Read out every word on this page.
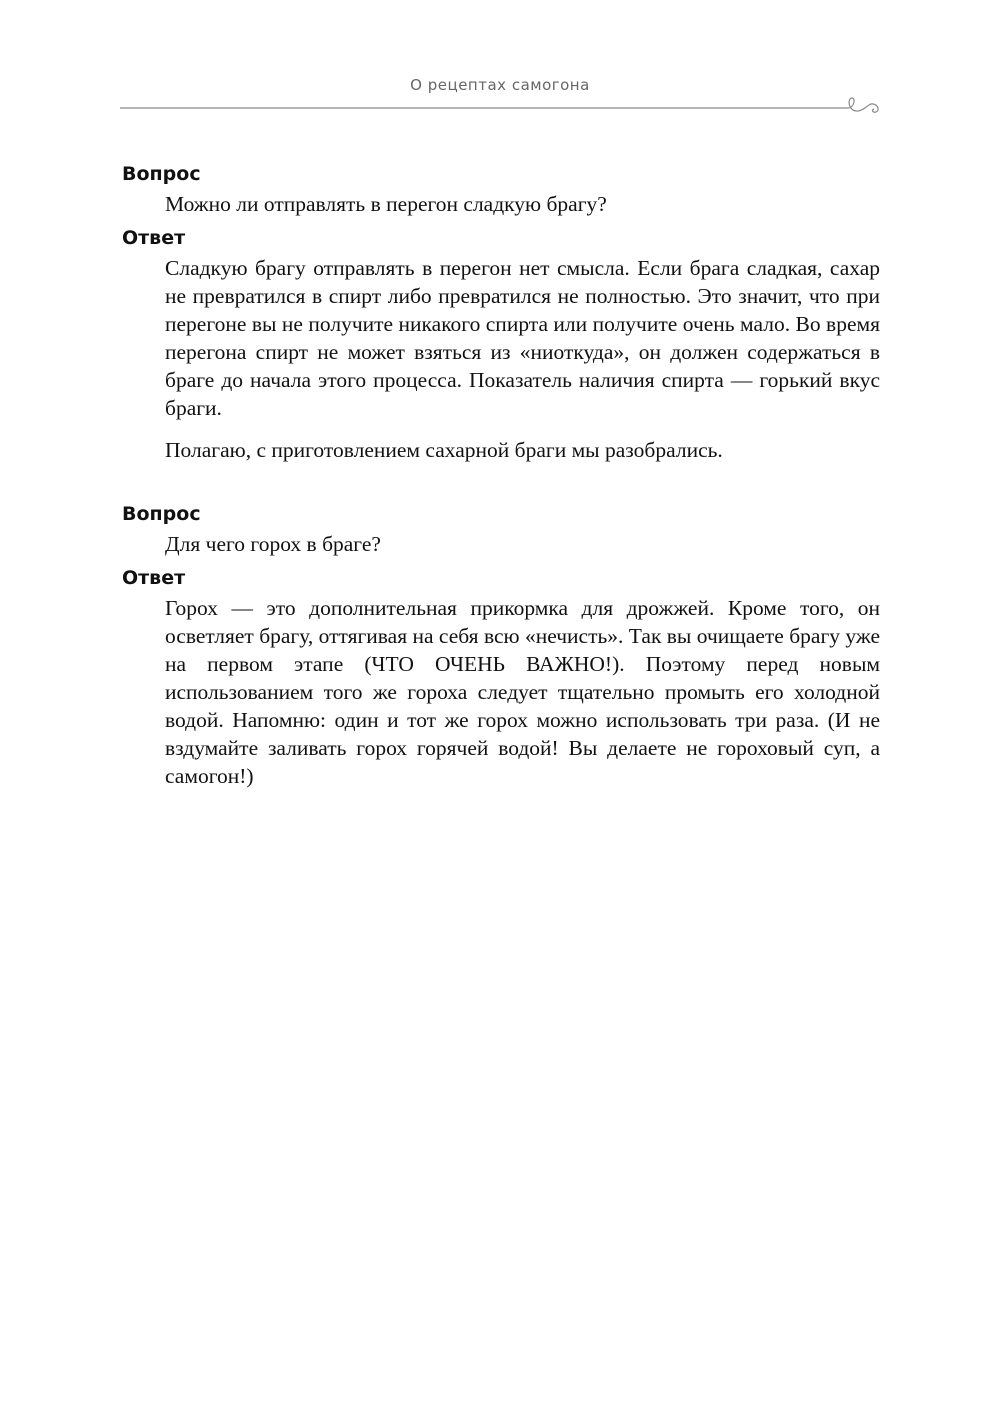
О рецептах самогона

Вопрос

Можно ли отправлять в перегон сладкую брагу?

Ответ

Сладкую брагу отправлять в перегон нет смысла. Если брага сладкая, сахар не превратился в спирт либо превратился не полностью. Это значит, что при перегоне вы не получите никакого спирта или получите очень мало. Во время перегона спирт не может взяться из «ниоткуда», он должен содержаться в браге до начала этого процесса. Показатель наличия спирта — горький вкус браги.

Полагаю, с приготовлением сахарной браги мы разобрались.

Вопрос

Для чего горох в браге?

Ответ

Горох — это дополнительная прикормка для дрожжей. Кроме того, он осветляет брагу, оттягивая на себя всю «нечисть». Так вы очищаете брагу уже на первом этапе (ЧТО ОЧЕНЬ ВАЖНО!). Поэтому перед новым использованием того же гороха следует тщательно промыть его холодной водой. Напомню: один и тот же горох можно использовать три раза. (И не вздумайте заливать горох горячей водой! Вы делаете не гороховый суп, а самогон!)
